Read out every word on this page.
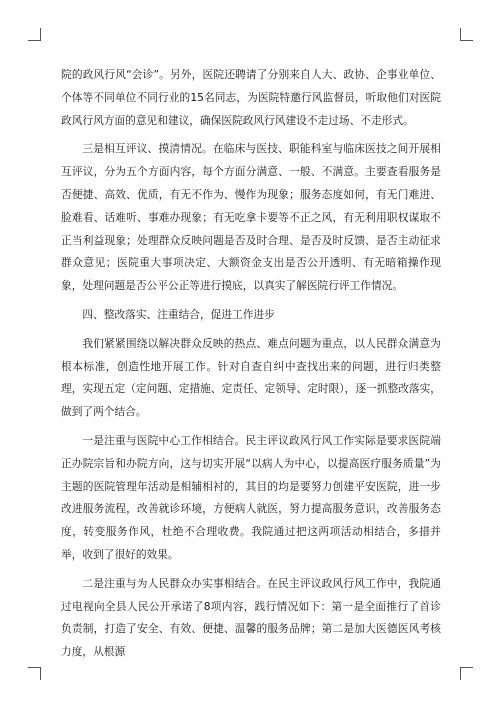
院的政风行风“会诊”。另外，医院还聘请了分别来自人大、政协、企事业单位、个体等不同单位不同行业的15名同志，为医院特邀行风监督员，听取他们对医院政风行风方面的意见和建议，确保医院政风行风建设不走过场、不走形式。

三是相互评议、摸清情况。在临床与医技、职能科室与临床医技之间开展相互评议，分为五个方面内容，每个方面分满意、一般、不满意。主要查看服务是否便捷、高效、优质，有无不作为、慢作为现象；服务态度如何，有无门难进、脸难看、话难听、事难办现象；有无吃拿卡要等不正之风，有无利用职权谋取不正当利益现象；处理群众反映问题是否及时合理、是否及时反馈、是否主动征求群众意见；医院重大事项决定、大额资金支出是否公开透明、有无暗箱操作现象，处理问题是否公平公正等进行摸底，以真实了解医院行评工作情况。

四、整改落实、注重结合，促进工作进步

我们紧紧围绕以解决群众反映的热点、难点问题为重点，以人民群众满意为根本标准，创造性地开展工作。针对自查自纠中查找出来的问题，进行归类整理，实现五定（定问题、定措施、定责任、定领导、定时限），逐一抓整改落实，做到了两个结合。

一是注重与医院中心工作相结合。民主评议政风行风工作实际是要求医院端正办院宗旨和办院方向，这与切实开展“以病人为中心，以提高医疗服务质量”为主题的医院管理年活动是相辅相衬的，其目的均是要努力创建平安医院，进一步改进服务流程，改善就诊环境，方便病人就医，努力提高服务意识，改善服务态度，转变服务作风，杜绝不合理收费。我院通过把这两项活动相结合，多措并举，收到了很好的效果。

二是注重与为人民群众办实事相结合。在民主评议政风行风工作中，我院通过电视向全县人民公开承诺了8项内容，践行情况如下：第一是全面推行了首诊负责制，打造了安全、有效、便捷、温馨的服务品牌；第二是加大医德医风考核力度，从根源
